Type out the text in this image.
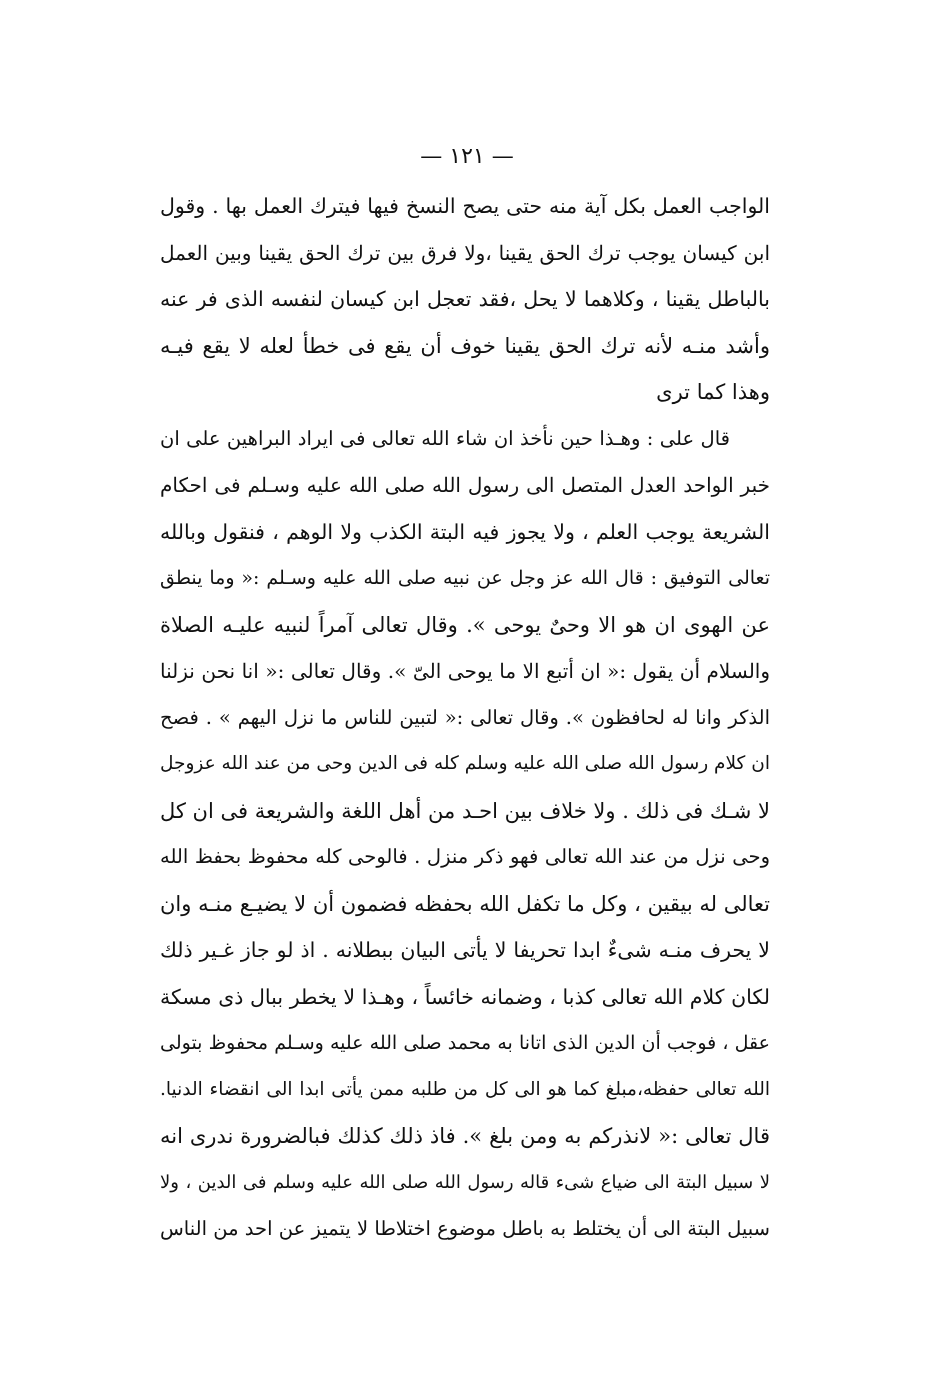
— ١٢١ —
الواجب العمل بكل آية منه حتى يصح النسخ فيها فيترك العمل بها . وقول
ابن كيسان يوجب ترك الحق يقينا ،ولا فرق بين ترك الحق يقينا وبين العمل
بالباطل يقينا ، وكلاهما لا يحل ،فقد تعجل ابن كيسان لنفسه الذى فر عنه
وأشد منـه لأنه ترك الحق يقينا خوف أن يقع فى خطأ لعله لا يقع فيـه
وهذا كما ترى
قال على : وهـذا حين نأخذ ان شاء الله تعالى فى ايراد البراهين على ان
خبر الواحد العدل المتصل الى رسول الله صلى الله عليه وسـلم فى احكام
الشريعة يوجب العلم ، ولا يجوز فيه البتة الكذب ولا الوهم ، فنقول وبالله
تعالى التوفيق : قال الله عز وجل عن نبيه صلى الله عليه وسـلم :« وما ينطق
عن الهوى ان هو الا وحىٌ يوحى ». وقال تعالى آمراً لنبيه عليـه الصلاة
والسلام أن يقول :« ان أتبع الا ما يوحى الىّ ». وقال تعالى :« انا نحن نزلنا
الذكر وانا له لحافظون ». وقال تعالى :« لتبين للناس ما نزل اليهم » . فصح
ان كلام رسول الله صلى الله عليه وسلم كله فى الدين وحى من عند الله عزوجل
لا شـك فى ذلك . ولا خلاف بين احـد من أهل اللغة والشريعة فى ان كل
وحى نزل من عند الله تعالى فهو ذكر منزل . فالوحى كله محفوظ بحفظ الله
تعالى له بيقين ، وكل ما تكفل الله بحفظه فضمون أن لا يضيـع منـه وان
لا يحرف منـه شىءٌ ابدا تحريفا لا يأتى البيان ببطلانه . اذ لو جاز غـير ذلك
لكان كلام الله تعالى كذبا ، وضمانه خائساً ، وهـذا لا يخطر ببال ذى مسكة
عقل ، فوجب أن الدين الذى اتانا به محمد صلى الله عليه وسـلم محفوظ بتولى
الله تعالى حفظه،مبلغ كما هو الى كل من طلبه ممن يأتى ابدا الى انقضاء الدنيا.
قال تعالى :« لانذركم به ومن بلغ ». فاذ ذلك كذلك فبالضرورة ندرى انه
لا سبيل البتة الى ضياع شىء قاله رسول الله صلى الله عليه وسلم فى الدين ، ولا
سبيل البتة الى أن يختلط به باطل موضوع اختلاطا لا يتميز عن احد من الناس
